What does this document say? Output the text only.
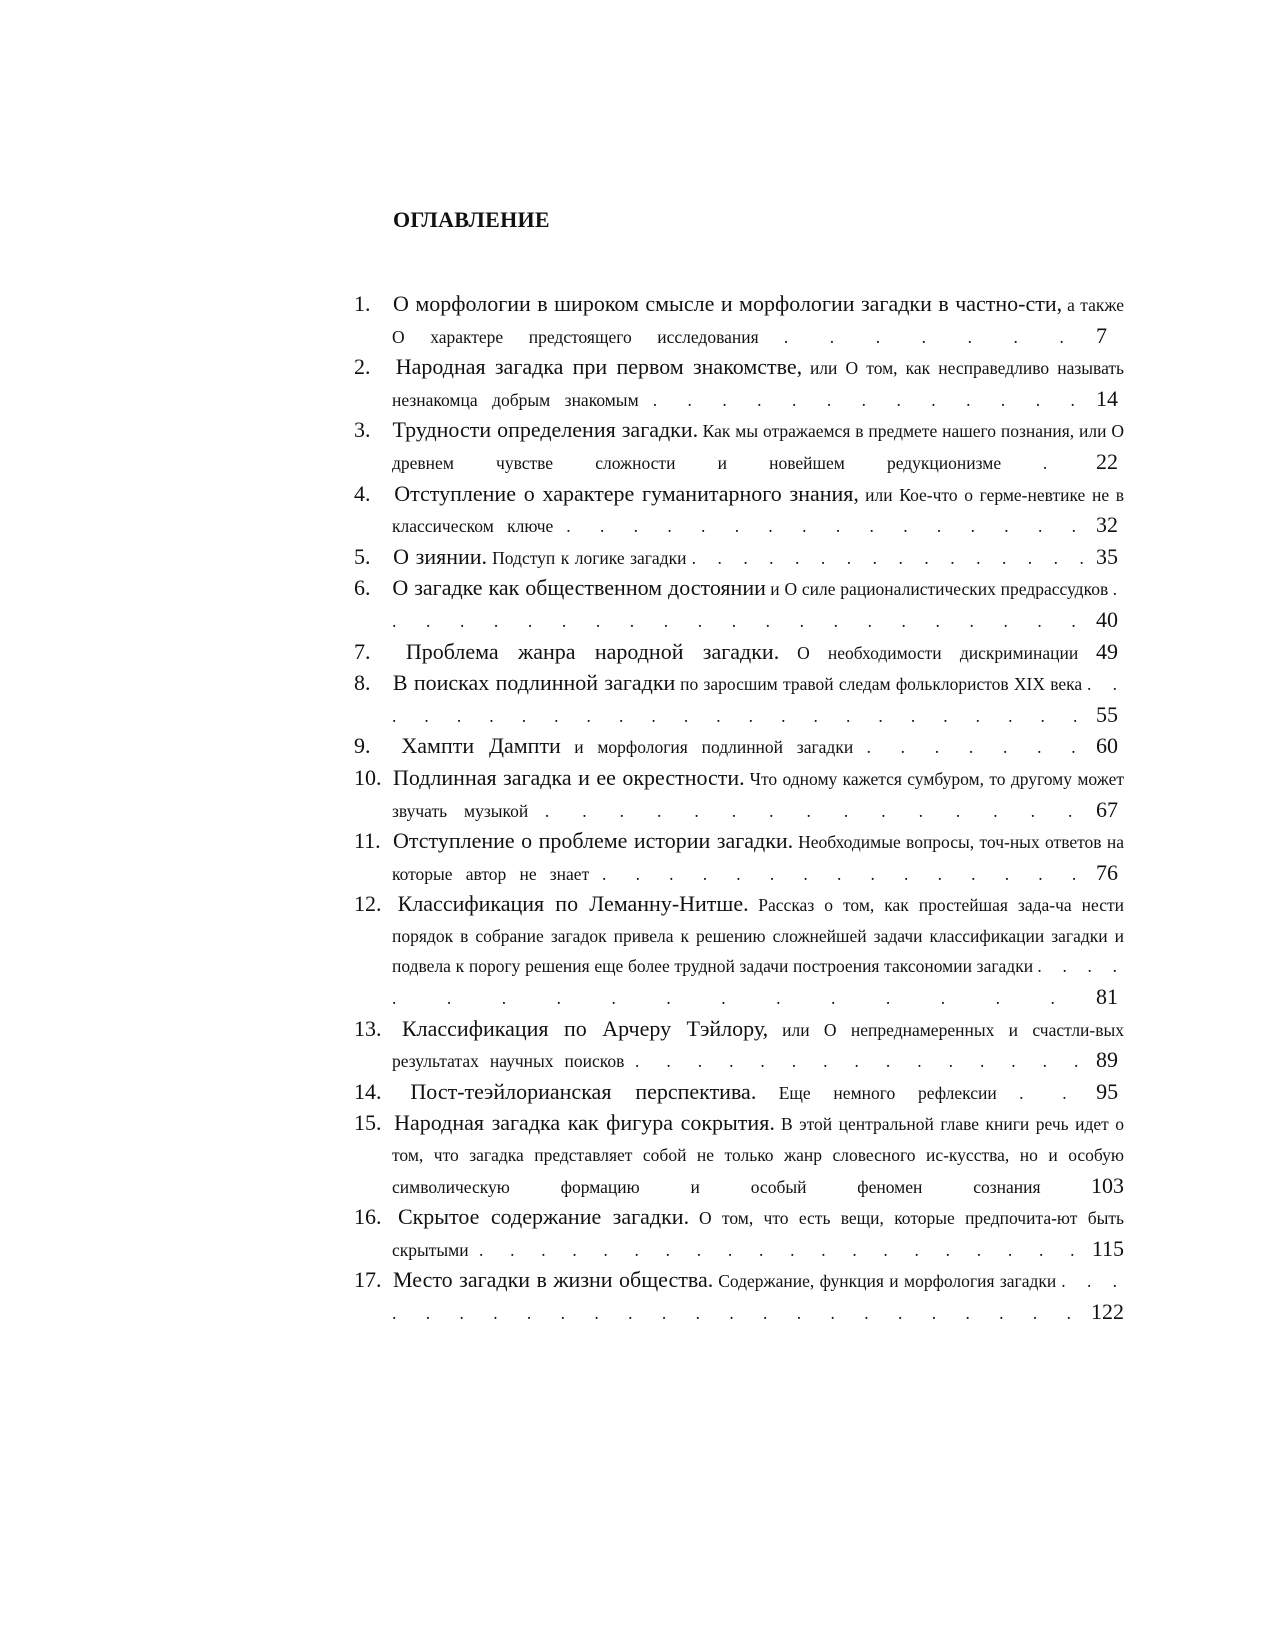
ОГЛАВЛЕНИЕ

1. О морфологии в широком смысле и морфологии загадки в частно-сти, а также О характере предстоящего исследования . . . . . . . 7

2. Народная загадка при первом знакомстве, или О том, как несправедливо называть незнакомца добрым знакомым . . . . . . . . . . . . . 14

3. Трудности определения загадки. Как мы отражаемся в предмете нашего познания, или О древнем чувстве сложности и новейшем редукционизме . 22

4. Отступление о характере гуманитарного знания, или Кое-что о герме-невтике не в классическом ключе . . . . . . . . . . . . . . . . 32

5. О зиянии. Подступ к логике загадки . . . . . . . . . . . . . . . . 35

6. О загадке как общественном достоянии и О силе рационалистических предрассудков . . . . . . . . . . . . . . . . . . . . . . 40

7. Проблема жанра народной загадки. О необходимости дискриминации 49

8. В поисках подлинной загадки по заросшим травой следам фольклористов XIX века . . . . . . . . . . . . . . . . . . . . . . . . 55

9. Хампти Дампти и морфология подлинной загадки . . . . . . . 60

10. Подлинная загадка и ее окрестности. Что одному кажется сумбуром, то другому может звучать музыкой . . . . . . . . . . . . . . . 67

11. Отступление о проблеме истории загадки. Необходимые вопросы, точ-ных ответов на которые автор не знает . . . . . . . . . . . . . . . 76

12. Классификация по Леманну-Нитше. Рассказ о том, как простейшая зада-ча нести порядок в собрание загадок привела к решению сложнейшей задачи классификации загадки и подвела к порогу решения еще более трудной задачи построения таксономии загадки . . . . . . . . . . . . . . . . . 81

13. Классификация по Арчеру Тэйлору, или О непреднамеренных и счастли-вых результатах научных поисков . . . . . . . . . . . . . . . 89

14. Пост-теэйлорианская перспектива. Еще немного рефлексии . . 95

15. Народная загадка как фигура сокрытия. В этой центральной главе книги речь идет о том, что загадка представляет собой не только жанр словесного ис-кусства, но и особую символическую формацию и особый феномен сознания 103

16. Скрытое содержание загадки. О том, что есть вещи, которые предпочита-ют быть скрытыми . . . . . . . . . . . . . . . . . . . . 115

17. Место загадки в жизни общества. Содержание, функция и морфология загадки . . . . . . . . . . . . . . . . . . . . . . . . 122
